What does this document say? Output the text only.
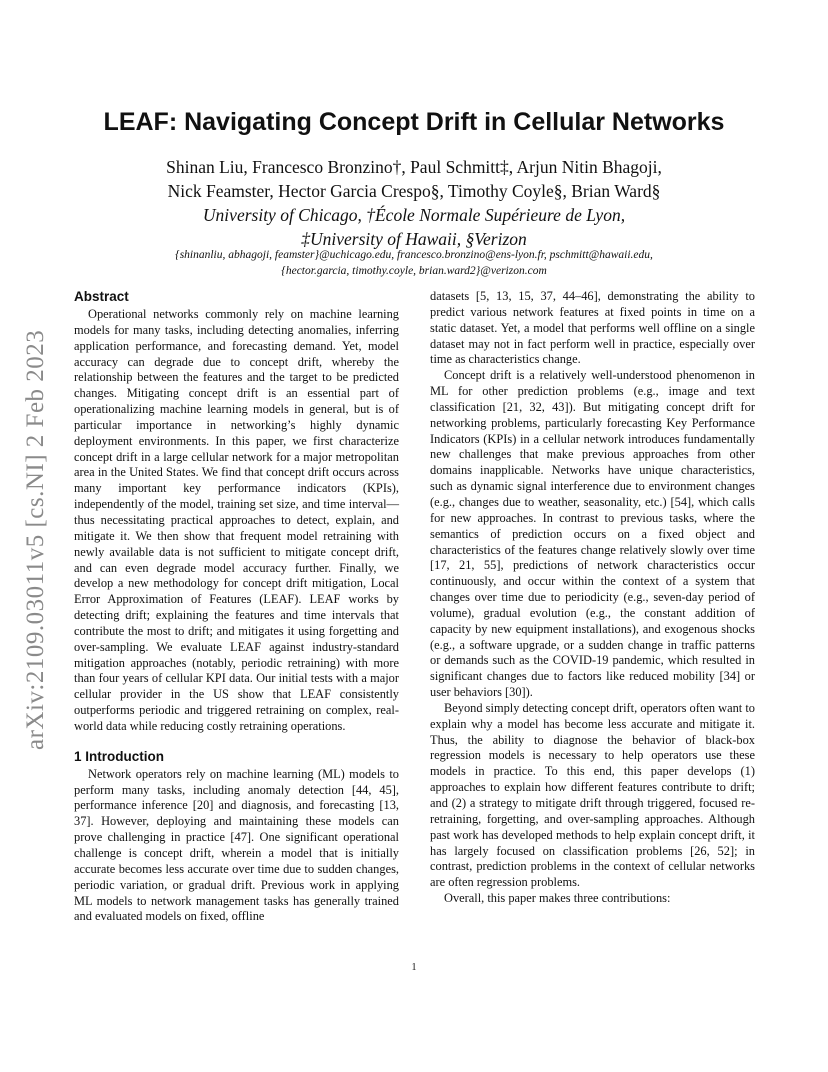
arXiv:2109.03011v5 [cs.NI] 2 Feb 2023
LEAF: Navigating Concept Drift in Cellular Networks
Shinan Liu, Francesco Bronzino†, Paul Schmitt‡, Arjun Nitin Bhagoji,
Nick Feamster, Hector Garcia Crespo§, Timothy Coyle§, Brian Ward§
University of Chicago, †École Normale Supérieure de Lyon,
‡University of Hawaii, §Verizon
{shinanliu, abhagoji, feamster}@uchicago.edu, francesco.bronzino@ens-lyon.fr, pschmitt@hawaii.edu,
{hector.garcia, timothy.coyle, brian.ward2}@verizon.com
Abstract

Operational networks commonly rely on machine learning models for many tasks, including detecting anomalies, inferring application performance, and forecasting demand. Yet, model accuracy can degrade due to concept drift, whereby the relationship between the features and the target to be predicted changes. Mitigating concept drift is an essential part of operationalizing machine learning models in general, but is of particular importance in networking’s highly dynamic deployment environments. In this paper, we first characterize concept drift in a large cellular network for a major metropolitan area in the United States. We find that concept drift occurs across many important key performance indicators (KPIs), independently of the model, training set size, and time interval—thus necessitating practical approaches to detect, explain, and mitigate it. We then show that frequent model retraining with newly available data is not sufficient to mitigate concept drift, and can even degrade model accuracy further. Finally, we develop a new methodology for concept drift mitigation, Local Error Approximation of Features (LEAF). LEAF works by detecting drift; explaining the features and time intervals that contribute the most to drift; and mitigates it using forgetting and over-sampling. We evaluate LEAF against industry-standard mitigation approaches (notably, periodic retraining) with more than four years of cellular KPI data. Our initial tests with a major cellular provider in the US show that LEAF consistently outperforms periodic and triggered retraining on complex, real-world data while reducing costly retraining operations.

1 Introduction

Network operators rely on machine learning (ML) models to perform many tasks, including anomaly detection [44, 45], performance inference [20] and diagnosis, and forecasting [13, 37]. However, deploying and maintaining these models can prove challenging in practice [47]. One significant operational challenge is concept drift, wherein a model that is initially accurate becomes less accurate over time due to sudden changes, periodic variation, or gradual drift. Previous work in applying ML models to network management tasks has generally trained and evaluated models on fixed, offline

datasets [5, 13, 15, 37, 44–46], demonstrating the ability to predict various network features at fixed points in time on a static dataset. Yet, a model that performs well offline on a single dataset may not in fact perform well in practice, especially over time as characteristics change.

Concept drift is a relatively well-understood phenomenon in ML for other prediction problems (e.g., image and text classification [21, 32, 43]). But mitigating concept drift for networking problems, particularly forecasting Key Performance Indicators (KPIs) in a cellular network introduces fundamentally new challenges that make previous approaches from other domains inapplicable. Networks have unique characteristics, such as dynamic signal interference due to environment changes (e.g., changes due to weather, seasonality, etc.) [54], which calls for new approaches. In contrast to previous tasks, where the semantics of prediction occurs on a fixed object and characteristics of the features change relatively slowly over time [17, 21, 55], predictions of network characteristics occur continuously, and occur within the context of a system that changes over time due to periodicity (e.g., seven-day period of volume), gradual evolution (e.g., the constant addition of capacity by new equipment installations), and exogenous shocks (e.g., a software upgrade, or a sudden change in traffic patterns or demands such as the COVID-19 pandemic, which resulted in significant changes due to factors like reduced mobility [34] or user behaviors [30]).

Beyond simply detecting concept drift, operators often want to explain why a model has become less accurate and mitigate it. Thus, the ability to diagnose the behavior of black-box regression models is necessary to help operators use these models in practice. To this end, this paper develops (1) approaches to explain how different features contribute to drift; and (2) a strategy to mitigate drift through triggered, focused re-retraining, forgetting, and over-sampling approaches. Although past work has developed methods to help explain concept drift, it has largely focused on classification problems [26, 52]; in contrast, prediction problems in the context of cellular networks are often regression problems.

Overall, this paper makes three contributions:

1
